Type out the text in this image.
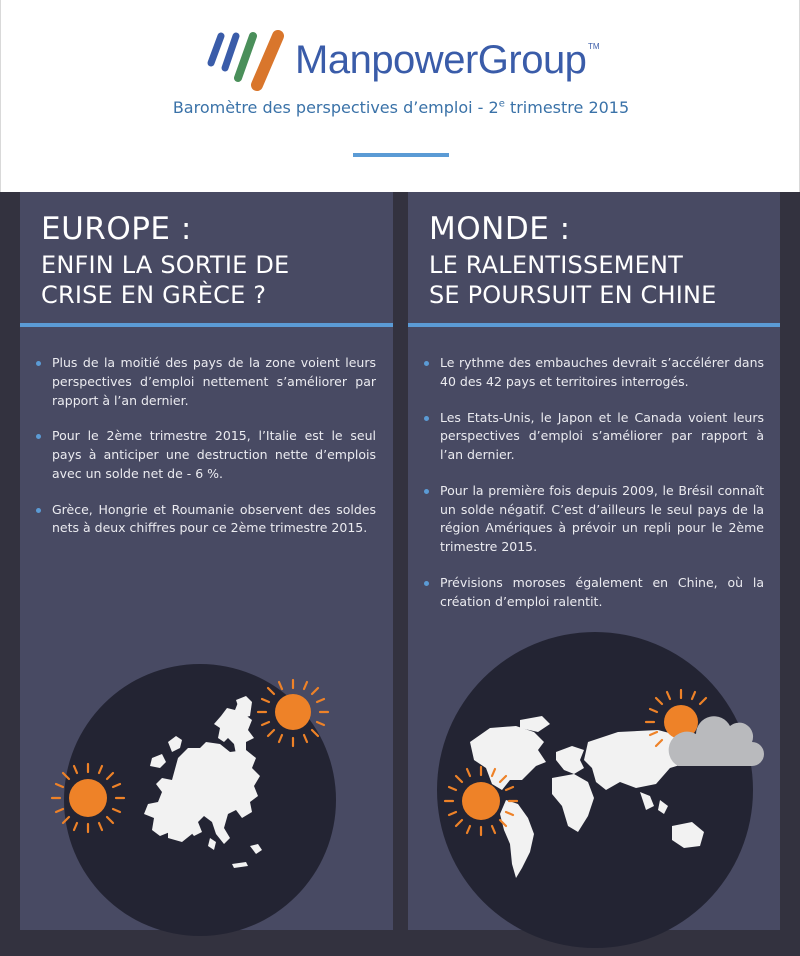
ManpowerGroup TM
Baromètre des perspectives d’emploi - 2e trimestre 2015
EUROPE :
ENFIN LA SORTIE DE
CRISE EN GRÈCE ?
Plus de la moitié des pays de la zone voient leurs perspectives d’emploi nettement s’améliorer par rapport à l’an dernier.
Pour le 2ème trimestre 2015, l’Italie est le seul pays à anticiper une destruction nette d’emplois avec un solde net de - 6 %.
Grèce, Hongrie et Roumanie observent des soldes nets à deux chiffres pour ce 2ème trimestre 2015.
MONDE :
LE RALENTISSEMENT
SE POURSUIT EN CHINE
Le rythme des embauches devrait s’accélérer dans 40 des 42 pays et territoires interrogés.
Les Etats-Unis, le Japon et le Canada voient leurs perspectives d’emploi s’améliorer par rapport à l’an dernier.
Pour la première fois depuis 2009, le Brésil connaît un solde négatif. C’est d’ailleurs le seul pays de la région Amériques à prévoir un repli pour le 2ème trimestre 2015.
Prévisions moroses également en Chine, où la création d’emploi ralentit.
